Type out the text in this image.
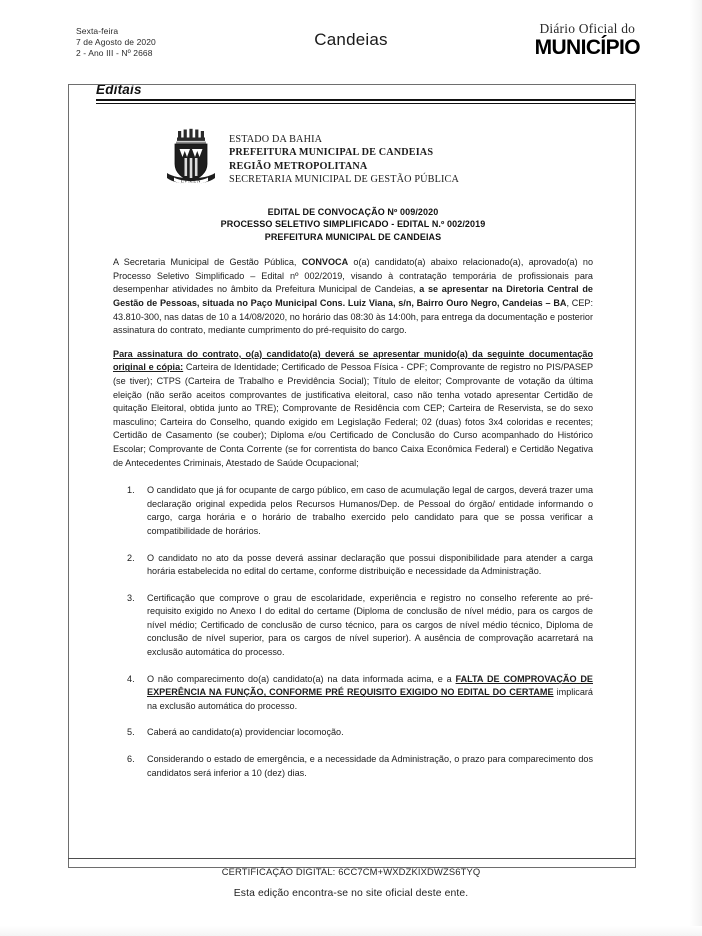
Sexta-feira
7 de Agosto de 2020
2 - Ano III - Nº 2668
Candeias
Diário Oficial do
MUNICÍPIO
Editais
LVMEN
ESTADO DA BAHIA
PREFEITURA MUNICIPAL DE CANDEIAS
REGIÃO METROPOLITANA
SECRETARIA MUNICIPAL DE GESTÃO PÚBLICA
EDITAL DE CONVOCAÇÃO Nº 009/2020
PROCESSO SELETIVO SIMPLIFICADO - EDITAL N.º 002/2019
PREFEITURA MUNICIPAL DE CANDEIAS

A Secretaria Municipal de Gestão Pública, CONVOCA o(a) candidato(a) abaixo relacionado(a), aprovado(a) no Processo Seletivo Simplificado – Edital nº 002/2019, visando à contratação temporária de profissionais para desempenhar atividades no âmbito da Prefeitura Municipal de Candeias, a se apresentar na Diretoria Central de Gestão de Pessoas, situada no Paço Municipal Cons. Luiz Viana, s/n, Bairro Ouro Negro, Candeias – BA, CEP: 43.810-300, nas datas de 10 a 14/08/2020, no horário das 08:30 às 14:00h, para entrega da documentação e posterior assinatura do contrato, mediante cumprimento do pré-requisito do cargo.

Para assinatura do contrato, o(a) candidato(a) deverá se apresentar munido(a) da seguinte documentação original e cópia: Carteira de Identidade; Certificado de Pessoa Física - CPF; Comprovante de registro no PIS/PASEP (se tiver); CTPS (Carteira de Trabalho e Previdência Social); Título de eleitor; Comprovante de votação da última eleição (não serão aceitos comprovantes de justificativa eleitoral, caso não tenha votado apresentar Certidão de quitação Eleitoral, obtida junto ao TRE); Comprovante de Residência com CEP; Carteira de Reservista, se do sexo masculino; Carteira do Conselho, quando exigido em Legislação Federal; 02 (duas) fotos 3x4 coloridas e recentes; Certidão de Casamento (se couber); Diploma e/ou Certificado de Conclusão do Curso acompanhado do Histórico Escolar; Comprovante de Conta Corrente (se for correntista do banco Caixa Econômica Federal) e Certidão Negativa de Antecedentes Criminais, Atestado de Saúde Ocupacional;

O candidato que já for ocupante de cargo público, em caso de acumulação legal de cargos, deverá trazer uma declaração original expedida pelos Recursos Humanos/Dep. de Pessoal do órgão/ entidade informando o cargo, carga horária e o horário de trabalho exercido pelo candidato para que se possa verificar a compatibilidade de horários.
O candidato no ato da posse deverá assinar declaração que possui disponibilidade para atender a carga horária estabelecida no edital do certame, conforme distribuição e necessidade da Administração.
Certificação que comprove o grau de escolaridade, experiência e registro no conselho referente ao pré-requisito exigido no Anexo I do edital do certame (Diploma de conclusão de nível médio, para os cargos de nível médio; Certificado de conclusão de curso técnico, para os cargos de nível médio técnico, Diploma de conclusão de nível superior, para os cargos de nível superior). A ausência de comprovação acarretará na exclusão automática do processo.
O não comparecimento do(a) candidato(a) na data informada acima, e a FALTA DE COMPROVAÇÃO DE EXPERÊNCIA NA FUNÇÃO, CONFORME PRÉ REQUISITO EXIGIDO NO EDITAL DO CERTAME implicará na exclusão automática do processo.
Caberá ao candidato(a) providenciar locomoção.
Considerando o estado de emergência, e a necessidade da Administração, o prazo para comparecimento dos candidatos será inferior a 10 (dez) dias.
CERTIFICAÇÃO DIGITAL: 6CC7CM+WXDZKIXDWZS6TYQ
Esta edição encontra-se no site oficial deste ente.
